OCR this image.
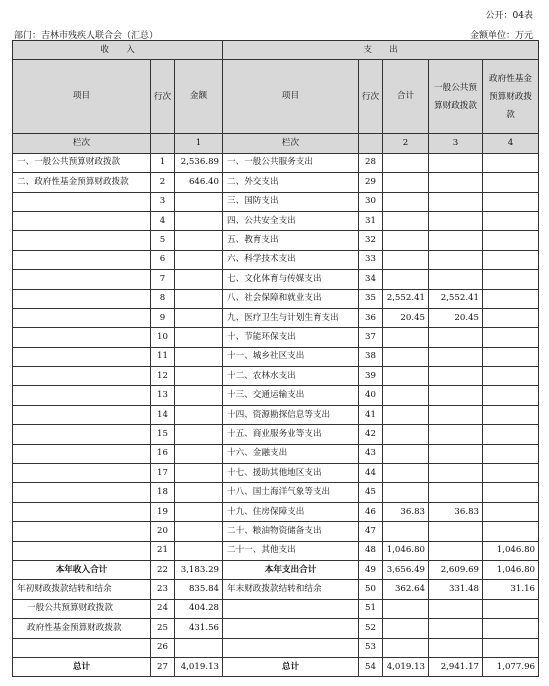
公开：04表
部门：吉林市残疾人联合会（汇总）	金额单位：万元
收　　入			支　　出				
项目	行次	金额	项目	行次	合计	一般公共预算财政拨款	政府性基金预算财政拨款
栏次		1	栏次		2	3	4
一、一般公共预算财政拨款	1	2,536.89	一、一般公共服务支出	28			
二、政府性基金预算财政拨款	2	646.40	二、外交支出	29			
	3		三、国防支出	30			
	4		四、公共安全支出	31			
	5		五、教育支出	32			
	6		六、科学技术支出	33			
	7		七、文化体育与传媒支出	34			
	8		八、社会保障和就业支出	35	2,552.41	2,552.41	
	9		九、医疗卫生与计划生育支出	36	20.45	20.45	
	10		十、节能环保支出	37			
	11		十一、城乡社区支出	38			
	12		十二、农林水支出	39			
	13		十三、交通运输支出	40			
	14		十四、资源勘探信息等支出	41			
	15		十五、商业服务业等支出	42			
	16		十六、金融支出	43			
	17		十七、援助其他地区支出	44			
	18		十八、国土海洋气象等支出	45			
	19		十九、住房保障支出	46	36.83	36.83	
	20		二十、粮油物资储备支出	47			
	21		二十一、其他支出	48	1,046.80		1,046.80
本年收入合计	22	3,183.29	本年支出合计	49	3,656.49	2,609.69	1,046.80
年初财政拨款结转和结余	23	835.84	年末财政拨款结转和结余	50	362.64	331.48	31.16
一般公共预算财政拨款	24	404.28		51			
政府性基金预算财政拨款	25	431.56		52			
	26			53			
总计	27	4,019.13	总计	54	4,019.13	2,941.17	1,077.96
